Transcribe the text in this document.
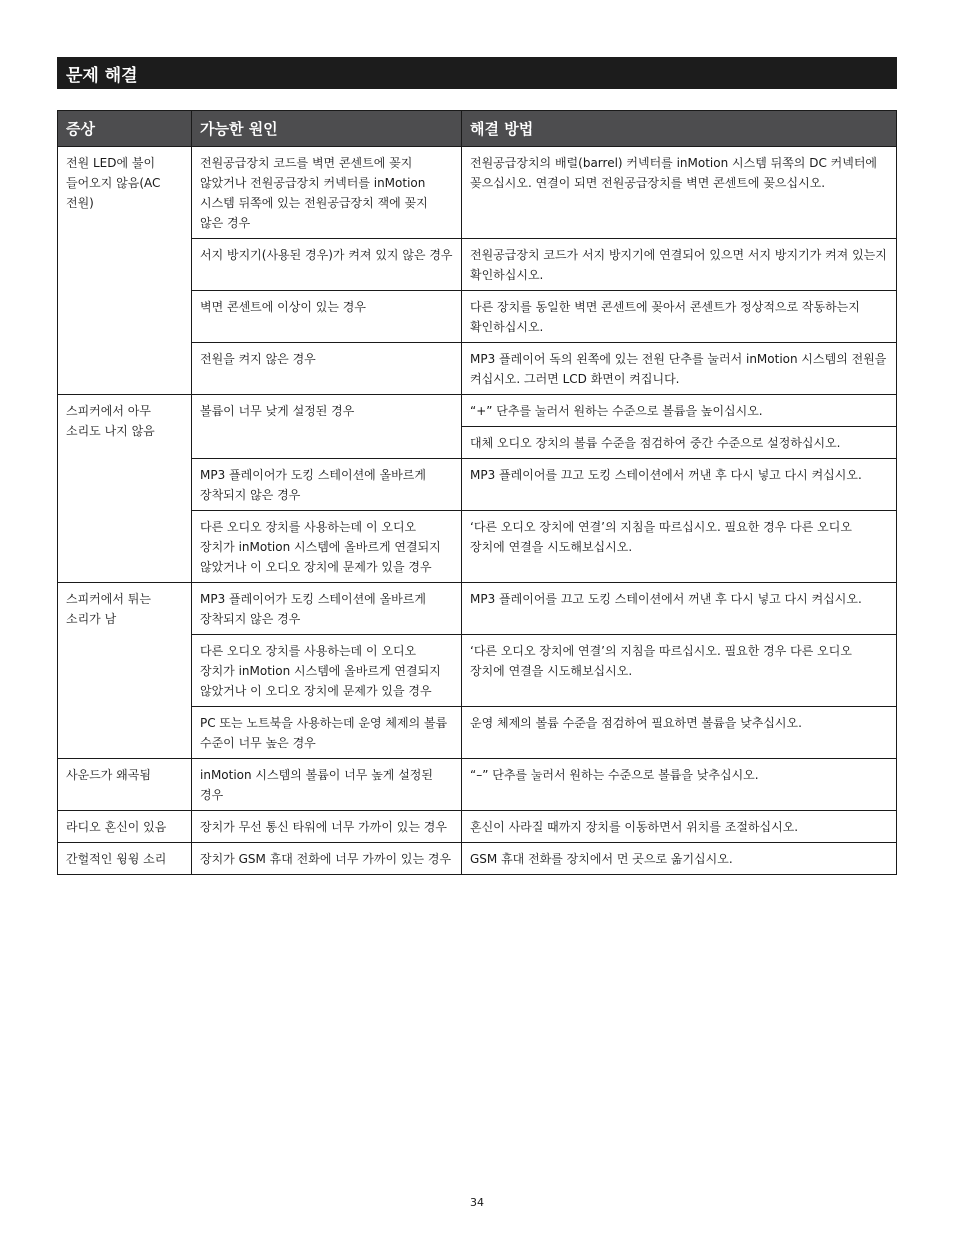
문제 해결
증상	가능한 원인	해결 방법
전원 LED에 불이 들어오지 않음(AC 전원)	전원공급장치 코드를 벽면 콘센트에 꽂지 않았거나 전원공급장치 커넥터를 inMotion 시스템 뒤쪽에 있는 전원공급장치 잭에 꽂지 않은 경우	전원공급장치의 배럴(barrel) 커넥터를 inMotion 시스템 뒤쪽의 DC 커넥터에 꽂으십시오. 연결이 되면 전원공급장치를 벽면 콘센트에 꽂으십시오.
	서지 방지기(사용된 경우)가 켜져 있지 않은 경우	전원공급장치 코드가 서지 방지기에 연결되어 있으면 서지 방지기가 켜져 있는지 확인하십시오.
	벽면 콘센트에 이상이 있는 경우	다른 장치를 동일한 벽면 콘센트에 꽂아서 콘센트가 정상적으로 작동하는지 확인하십시오.
	전원을 켜지 않은 경우	MP3 플레이어 독의 왼쪽에 있는 전원 단추를 눌러서 inMotion 시스템의 전원을 켜십시오. 그러면 LCD 화면이 켜집니다.
스피커에서 아무 소리도 나지 않음	볼륨이 너무 낮게 설정된 경우	“+” 단추를 눌러서 원하는 수준으로 볼륨을 높이십시오.
		대체 오디오 장치의 볼륨 수준을 점검하여 중간 수준으로 설정하십시오.
	MP3 플레이어가 도킹 스테이션에 올바르게 장착되지 않은 경우	MP3 플레이어를 끄고 도킹 스테이션에서 꺼낸 후 다시 넣고 다시 켜십시오.
	다른 오디오 장치를 사용하는데 이 오디오 장치가 inMotion 시스템에 올바르게 연결되지 않았거나 이 오디오 장치에 문제가 있을 경우	‘다른 오디오 장치에 연결’의 지침을 따르십시오. 필요한 경우 다른 오디오 장치에 연결을 시도해보십시오.
스피커에서 튀는 소리가 남	MP3 플레이어가 도킹 스테이션에 올바르게 장착되지 않은 경우	MP3 플레이어를 끄고 도킹 스테이션에서 꺼낸 후 다시 넣고 다시 켜십시오.
	다른 오디오 장치를 사용하는데 이 오디오 장치가 inMotion 시스템에 올바르게 연결되지 않았거나 이 오디오 장치에 문제가 있을 경우	‘다른 오디오 장치에 연결’의 지침을 따르십시오. 필요한 경우 다른 오디오 장치에 연결을 시도해보십시오.
	PC 또는 노트북을 사용하는데 운영 체제의 볼륨 수준이 너무 높은 경우	운영 체제의 볼륨 수준을 점검하여 필요하면 볼륨을 낮추십시오.
사운드가 왜곡됨	inMotion 시스템의 볼륨이 너무 높게 설정된 경우	“–” 단추를 눌러서 원하는 수준으로 볼륨을 낮추십시오.
라디오 혼신이 있음	장치가 무선 통신 타워에 너무 가까이 있는 경우	혼신이 사라질 때까지 장치를 이동하면서 위치를 조절하십시오.
간헐적인 윙윙 소리	장치가 GSM 휴대 전화에 너무 가까이 있는 경우	GSM 휴대 전화를 장치에서 먼 곳으로 옮기십시오.
34
